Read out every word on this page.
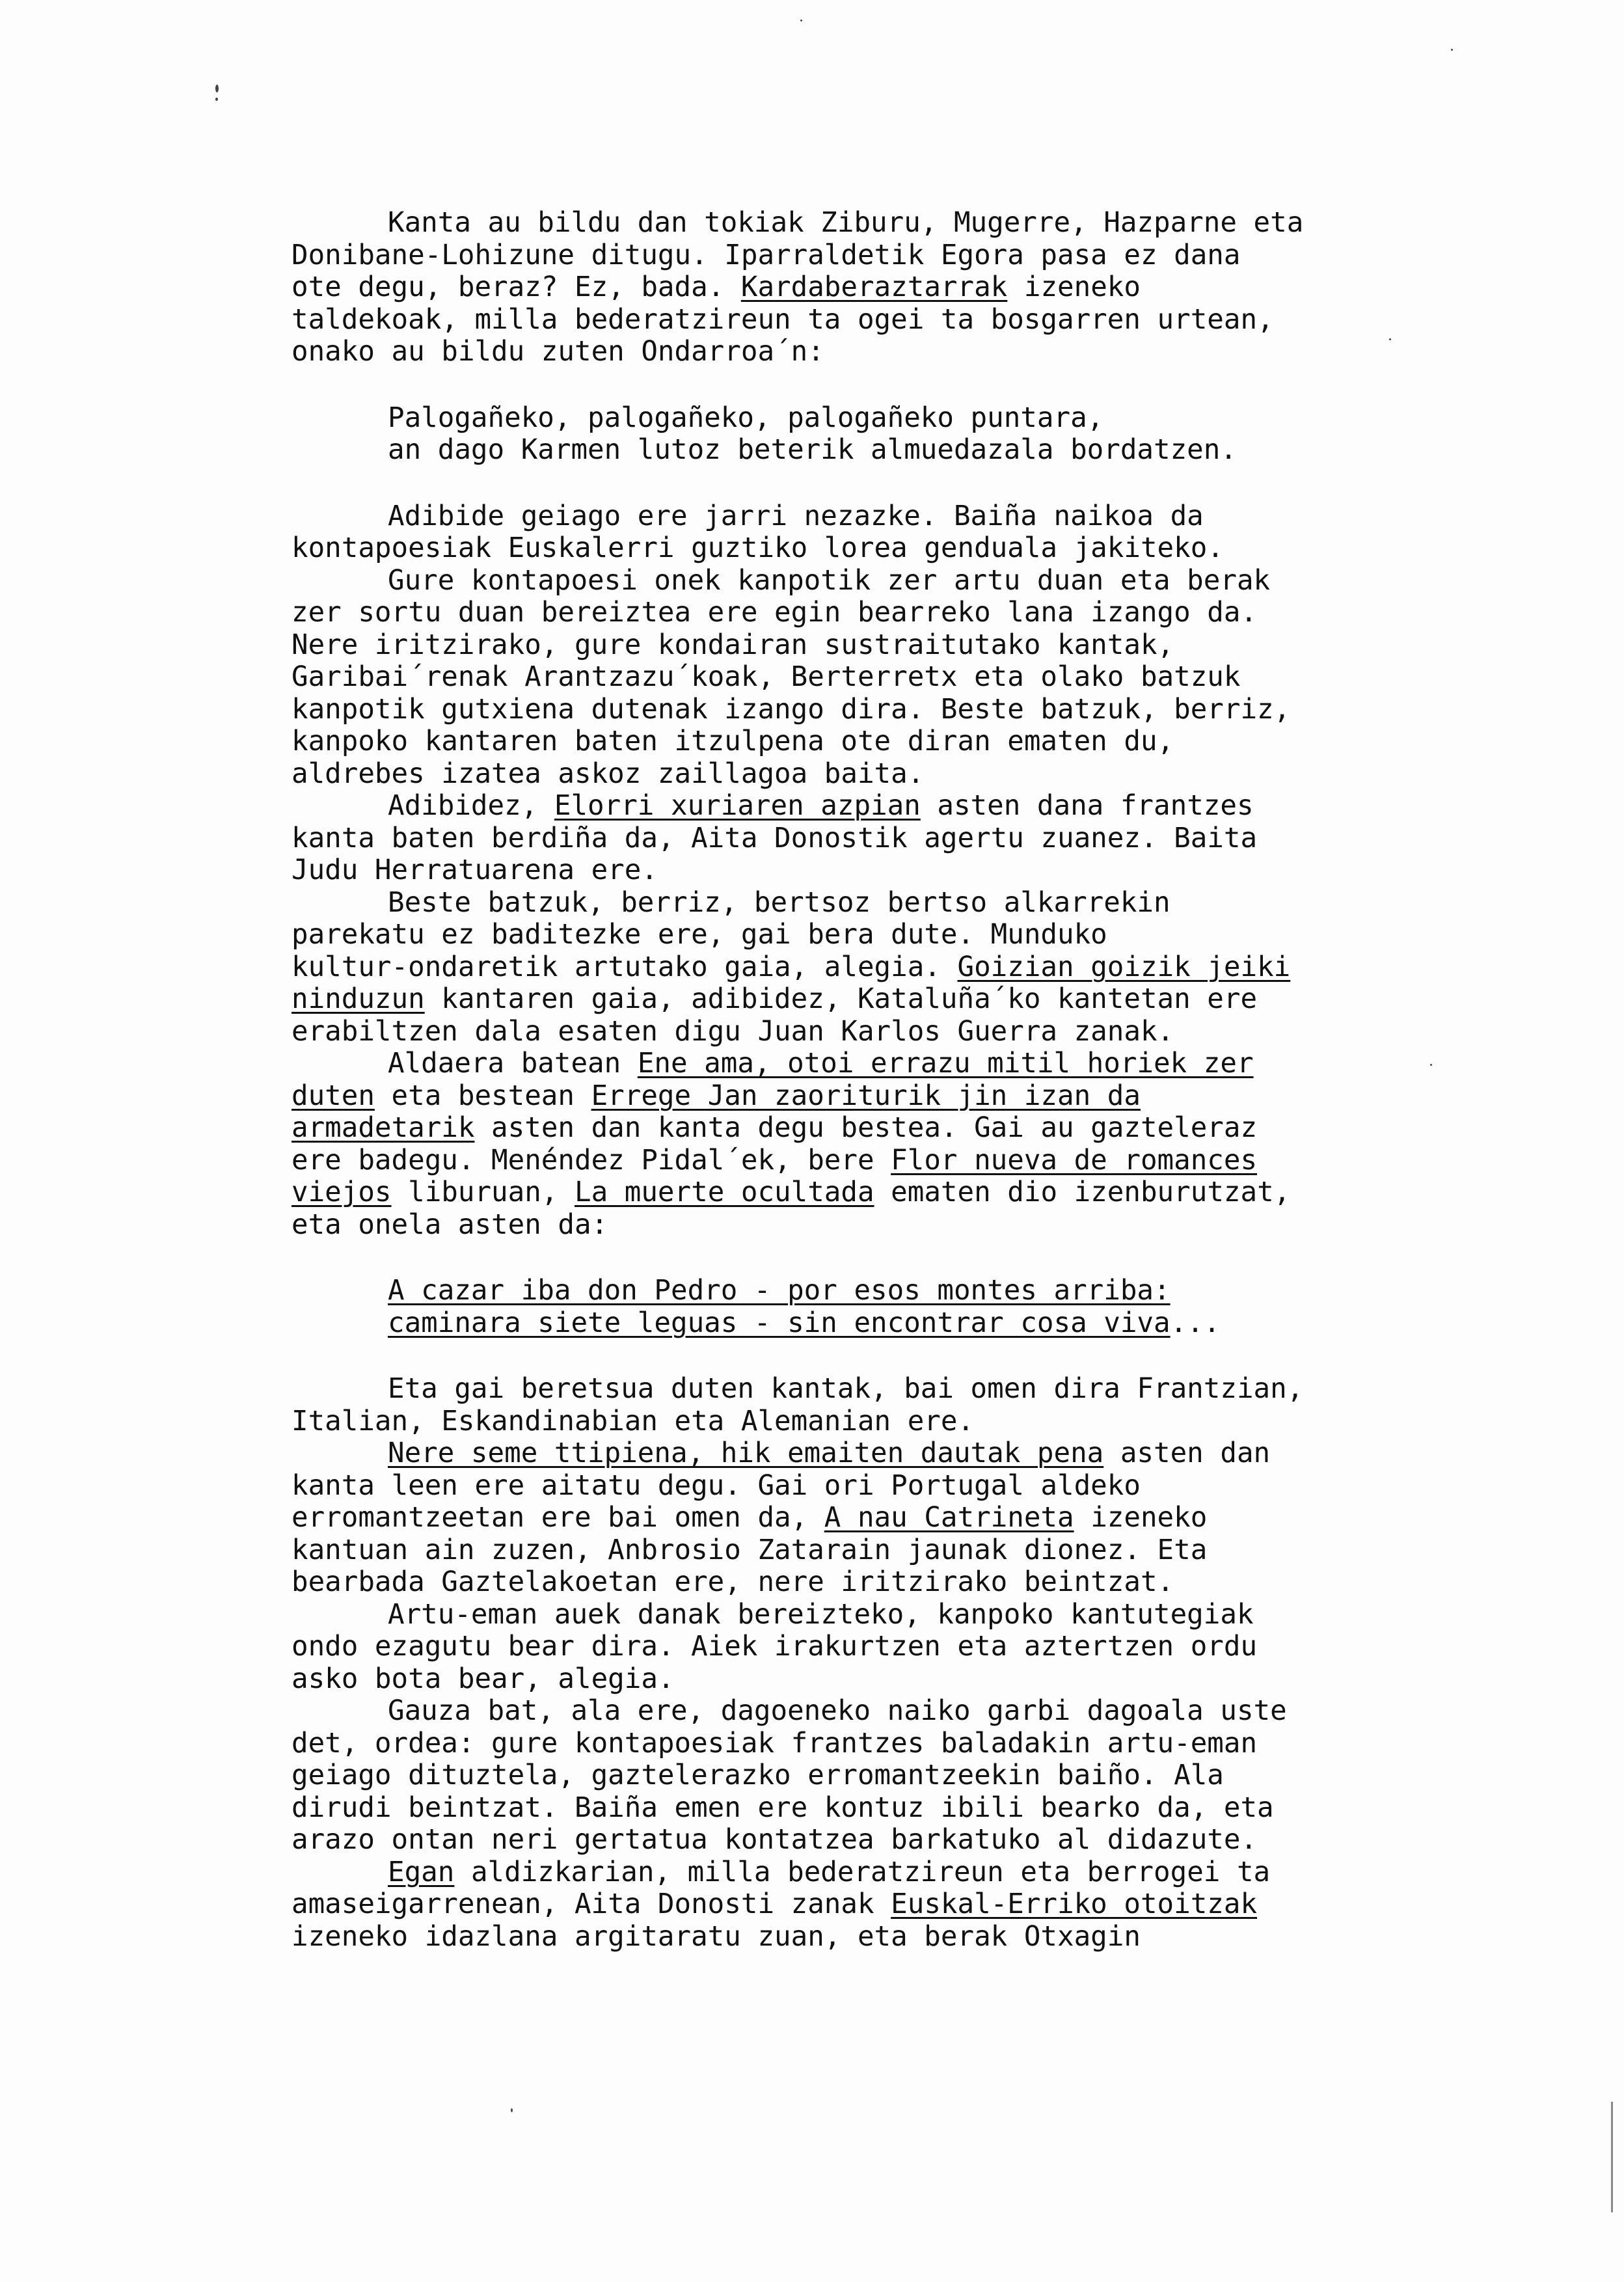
Kanta au bildu dan tokiak Ziburu, Mugerre, Hazparne eta
Donibane-Lohizune ditugu. Iparraldetik Egora pasa ez dana
ote degu, beraz? Ez, bada. Kardaberaztarrak izeneko
taldekoak, milla bederatzireun ta ogei ta bosgarren urtean,
onako au bildu zuten Ondarroa´n:
Palogañeko, palogañeko, palogañeko puntara,
an dago Karmen lutoz beterik almuedazala bordatzen.
Adibide geiago ere jarri nezazke. Baiña naikoa da
kontapoesiak Euskalerri guztiko lorea genduala jakiteko.
Gure kontapoesi onek kanpotik zer artu duan eta berak
zer sortu duan bereiztea ere egin bearreko lana izango da.
Nere iritzirako, gure kondairan sustraitutako kantak,
Garibai´renak Arantzazu´koak, Berterretx eta olako batzuk
kanpotik gutxiena dutenak izango dira. Beste batzuk, berriz,
kanpoko kantaren baten itzulpena ote diran ematen du,
aldrebes izatea askoz zaillagoa baita.
Adibidez, Elorri xuriaren azpian asten dana frantzes
kanta baten berdiña da, Aita Donostik agertu zuanez. Baita
Judu Herratuarena ere.
Beste batzuk, berriz, bertsoz bertso alkarrekin
parekatu ez baditezke ere, gai bera dute. Munduko
kultur-ondaretik artutako gaia, alegia. Goizian goizik jeiki
ninduzun kantaren gaia, adibidez, Kataluña´ko kantetan ere
erabiltzen dala esaten digu Juan Karlos Guerra zanak.
Aldaera batean Ene ama, otoi errazu mitil horiek zer
duten eta bestean Errege Jan zaoriturik jin izan da
armadetarik asten dan kanta degu bestea. Gai au gazteleraz
ere badegu. Menéndez Pidal´ek, bere Flor nueva de romances
viejos liburuan, La muerte ocultada ematen dio izenburutzat,
eta onela asten da:
A cazar iba don Pedro - por esos montes arriba:
caminara siete leguas - sin encontrar cosa viva...
Eta gai beretsua duten kantak, bai omen dira Frantzian,
Italian, Eskandinabian eta Alemanian ere.
Nere seme ttipiena, hik emaiten dautak pena asten dan
kanta leen ere aitatu degu. Gai ori Portugal aldeko
erromantzeetan ere bai omen da, A nau Catrineta izeneko
kantuan ain zuzen, Anbrosio Zatarain jaunak dionez. Eta
bearbada Gaztelakoetan ere, nere iritzirako beintzat.
Artu-eman auek danak bereizteko, kanpoko kantutegiak
ondo ezagutu bear dira. Aiek irakurtzen eta aztertzen ordu
asko bota bear, alegia.
Gauza bat, ala ere, dagoeneko naiko garbi dagoala uste
det, ordea: gure kontapoesiak frantzes baladakin artu-eman
geiago dituztela, gaztelerazko erromantzeekin baiño. Ala
dirudi beintzat. Baiña emen ere kontuz ibili bearko da, eta
arazo ontan neri gertatua kontatzea barkatuko al didazute.
Egan aldizkarian, milla bederatzireun eta berrogei ta
amaseigarrenean, Aita Donosti zanak Euskal-Erriko otoitzak
izeneko idazlana argitaratu zuan, eta berak Otxagin
